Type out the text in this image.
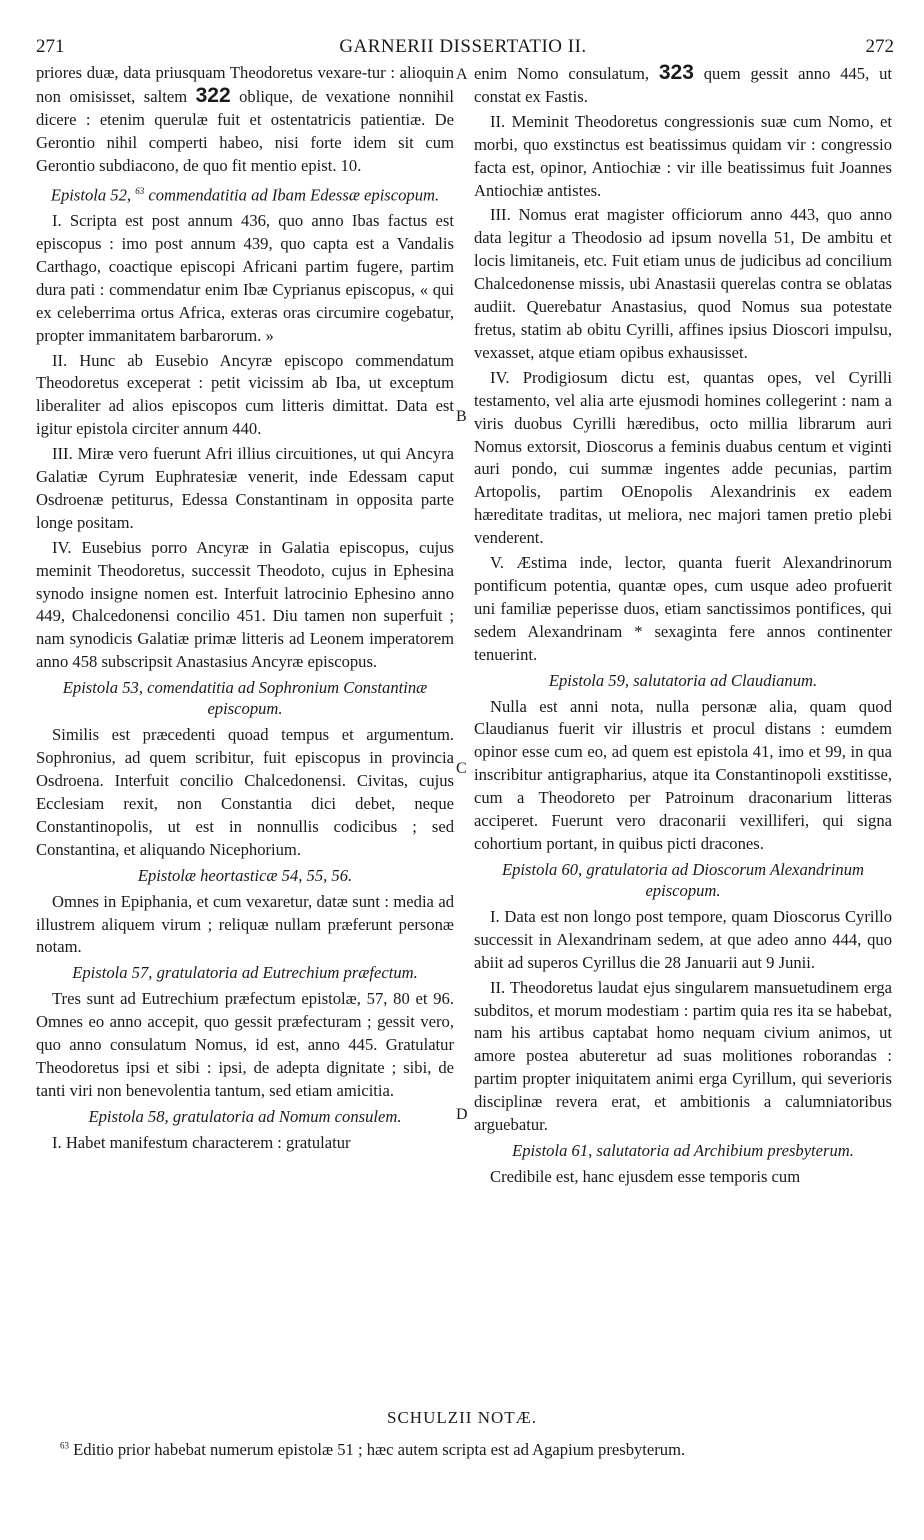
271	GARNERII DISSERTATIO II.	272

priores duæ, data priusquam Theodoretus vexare-tur : alioquin non omisisset, saltem 322 oblique, de vexatione nonnihil dicere : etenim querulæ fuit et ostentatricis patientiæ. De Gerontio nihil comperti habeo, nisi forte idem sit cum Gerontio subdiacono, de quo fit mentio epist. 10.

Epistola 52, $^{63}$ commendatitia ad Ibam Edessæ episcopum.

I. Scripta est post annum 436, quo anno Ibas factus est episcopus : imo post annum 439, quo capta est a Vandalis Carthago, coactique episcopi Africani partim fugere, partim dura pati : commendatur enim Ibæ Cyprianus episcopus, « qui ex celeberrima ortus Africa, exteras oras circumire cogebatur, propter immanitatem barbarorum. »

II. Hunc ab Eusebio Ancyræ episcopo commendatum Theodoretus exceperat : petit vicissim ab Iba, ut exceptum liberaliter ad alios episcopos cum litteris dimittat. Data est igitur epistola circiter annum 440.

III. Miræ vero fuerunt Afri illius circuitiones, ut qui Ancyra Galatiæ Cyrum Euphratesiæ venerit, inde Edessam caput Osdroenæ petiturus, Edessa Constantinam in opposita parte longe positam.

IV. Eusebius porro Ancyræ in Galatia episcopus, cujus meminit Theodoretus, successit Theodoto, cujus in Ephesina synodo insigne nomen est. Interfuit latrocinio Ephesino anno 449, Chalcedonensi concilio 451. Diu tamen non superfuit ; nam synodicis Galatiæ primæ litteris ad Leonem imperatorem anno 458 subscripsit Anastasius Ancyræ episcopus.

Epistola 53, comendatitia ad Sophronium Constantinæ episcopum.

Similis est præcedenti quoad tempus et argumentum. Sophronius, ad quem scribitur, fuit episcopus in provincia Osdroena. Interfuit concilio Chalcedonensi. Civitas, cujus Ecclesiam rexit, non Constantia dici debet, neque Constantinopolis, ut est in nonnullis codicibus ; sed Constantina, et aliquando Nicephorium.

Epistolæ heortasticæ 54, 55, 56.

Omnes in Epiphania, et cum vexaretur, datæ sunt : media ad illustrem aliquem virum ; reliquæ nullam præferunt personæ notam.

Epistola 57, gratulatoria ad Eutrechium præfectum.

Tres sunt ad Eutrechium præfectum epistolæ, 57, 80 et 96. Omnes eo anno accepit, quo gessit præfecturam ; gessit vero, quo anno consulatum Nomus, id est, anno 445. Gratulatur Theodoretus ipsi et sibi : ipsi, de adepta dignitate ; sibi, de tanti viri non benevolentia tantum, sed etiam amicitia.

Epistola 58, gratulatoria ad Nomum consulem.

I. Habet manifestum characterem : gratulatur

enim Nomo consulatum, 323 quem gessit anno 445, ut constat ex Fastis.

II. Meminit Theodoretus congressionis suæ cum Nomo, et morbi, quo exstinctus est beatissimus quidam vir : congressio facta est, opinor, Antiochiæ : vir ille beatissimus fuit Joannes Antiochiæ antistes.

III. Nomus erat magister officiorum anno 443, quo anno data legitur a Theodosio ad ipsum novella 51, De ambitu et locis limitaneis, etc. Fuit etiam unus de judicibus ad concilium Chalcedonense missis, ubi Anastasii querelas contra se oblatas audiit. Querebatur Anastasius, quod Nomus sua potestate fretus, statim ab obitu Cyrilli, affines ipsius Dioscori impulsu, vexasset, atque etiam opibus exhausisset.

IV. Prodigiosum dictu est, quantas opes, vel Cyrilli testamento, vel alia arte ejusmodi homines collegerint : nam a viris duobus Cyrilli hæredibus, octo millia librarum auri Nomus extorsit, Dioscorus a feminis duabus centum et viginti auri pondo, cui summæ ingentes adde pecunias, partim Artopolis, partim OEnopolis Alexandrinis ex eadem hæreditate traditas, ut meliora, nec majori tamen pretio plebi venderent.

V. Æstima inde, lector, quanta fuerit Alexandrinorum pontificum potentia, quantæ opes, cum usque adeo profuerit uni familiæ peperisse duos, etiam sanctissimos pontifices, qui sedem Alexandrinam * sexaginta fere annos continenter tenuerint.

Epistola 59, salutatoria ad Claudianum.

Nulla est anni nota, nulla personæ alia, quam quod Claudianus fuerit vir illustris et procul distans : eumdem opinor esse cum eo, ad quem est epistola 41, imo et 99, in qua inscribitur antigrapharius, atque ita Constantinopoli exstitisse, cum a Theodoreto per Patroinum draconarium litteras acciperet. Fuerunt vero draconarii vexilliferi, qui signa cohortium portant, in quibus picti dracones.

Epistola 60, gratulatoria ad Dioscorum Alexandrinum episcopum.

I. Data est non longo post tempore, quam Dioscorus Cyrillo successit in Alexandrinam sedem, at que adeo anno 444, quo abiit ad superos Cyrillus die 28 Januarii aut 9 Junii.

II. Theodoretus laudat ejus singularem mansuetudinem erga subditos, et morum modestiam : partim quia res ita se habebat, nam his artibus captabat homo nequam civium animos, ut amore postea abuteretur ad suas molitiones roborandas : partim propter iniquitatem animi erga Cyrillum, qui severioris disciplinæ revera erat, et ambitionis a calumniatoribus arguebatur.

Epistola 61, salutatoria ad Archibium presbyterum.

Credibile est, hanc ejusdem esse temporis cum

A
B
C
D
SCHULZII NOTÆ.
$^{63}$ Editio prior habebat numerum epistolæ 51 ; hæc autem scripta est ad Agapium presbyterum.
